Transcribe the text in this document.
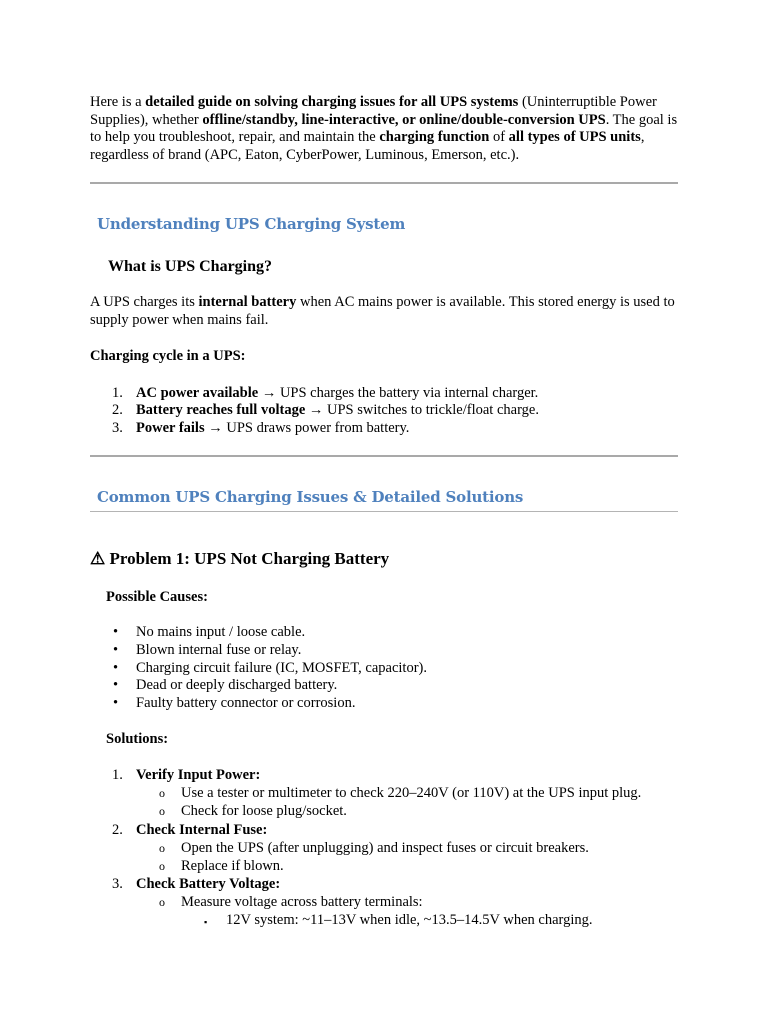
Here is a detailed guide on solving charging issues for all UPS systems (Uninterruptible Power Supplies), whether offline/standby, line-interactive, or online/double-conversion UPS. The goal is to help you troubleshoot, repair, and maintain the charging function of all types of UPS units, regardless of brand (APC, Eaton, CyberPower, Luminous, Emerson, etc.).

Understanding UPS Charging System
What is UPS Charging?

A UPS charges its internal battery when AC mains power is available. This stored energy is used to supply power when mains fail.

Charging cycle in a UPS:

1. AC power available → UPS charges the battery via internal charger.
2. Battery reaches full voltage → UPS switches to trickle/float charge.
3. Power fails → UPS draws power from battery.
Common UPS Charging Issues & Detailed Solutions
⚠ Problem 1: UPS Not Charging Battery

Possible Causes:

• No mains input / loose cable.
• Blown internal fuse or relay.
• Charging circuit failure (IC, MOSFET, capacitor).
• Dead or deeply discharged battery.
• Faulty battery connector or corrosion.

Solutions:

1. Verify Input Power:
o Use a tester or multimeter to check 220–240V (or 110V) at the UPS input plug.
o Check for loose plug/socket.
2. Check Internal Fuse:
o Open the UPS (after unplugging) and inspect fuses or circuit breakers.
o Replace if blown.
3. Check Battery Voltage:
o Measure voltage across battery terminals:
▪ 12V system: ~11–13V when idle, ~13.5–14.5V when charging.
